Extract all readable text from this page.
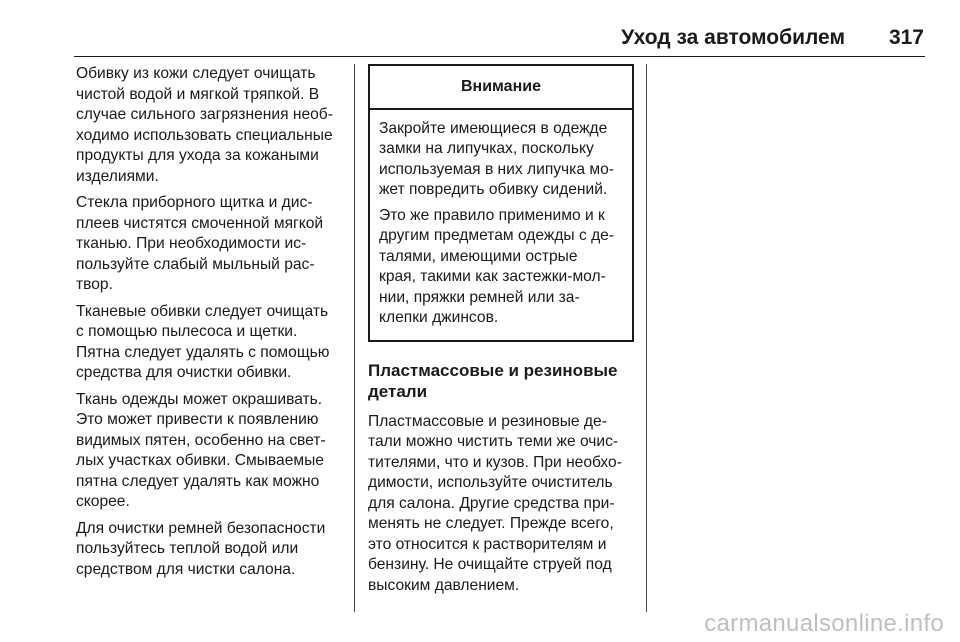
Уход за автомобилем 317

Обивку из кожи следует очищать
чистой водой и мягкой тряпкой. В
случае сильного загрязнения необ-
ходимо использовать специальные
продукты для ухода за кожаными
изделиями.

Стекла приборного щитка и дис-
плеев чистятся смоченной мягкой
тканью. При необходимости ис-
пользуйте слабый мыльный рас-
твор.

Тканевые обивки следует очищать
с помощью пылесоса и щетки.
Пятна следует удалять с помощью
средства для очистки обивки.

Ткань одежды может окрашивать.
Это может привести к появлению
видимых пятен, особенно на свет-
лых участках обивки. Смываемые
пятна следует удалять как можно
скорее.

Для очистки ремней безопасности
пользуйтесь теплой водой или
средством для чистки салона.

Внимание

Закройте имеющиеся в одежде
замки на липучках, поскольку
используемая в них липучка мо-
жет повредить обивку сидений.

Это же правило применимо и к
другим предметам одежды с де-
талями, имеющими острые
края, такими как застежки-мол-
нии, пряжки ремней или за-
клепки джинсов.

Пластмассовые и резиновые
детали

Пластмассовые и резиновые де-
тали можно чистить теми же очис-
тителями, что и кузов. При необхо-
димости, используйте очиститель
для салона. Другие средства при-
менять не следует. Прежде всего,
это относится к растворителям и
бензину. Не очищайте струей под
высоким давлением.

carmanualsonline.info
